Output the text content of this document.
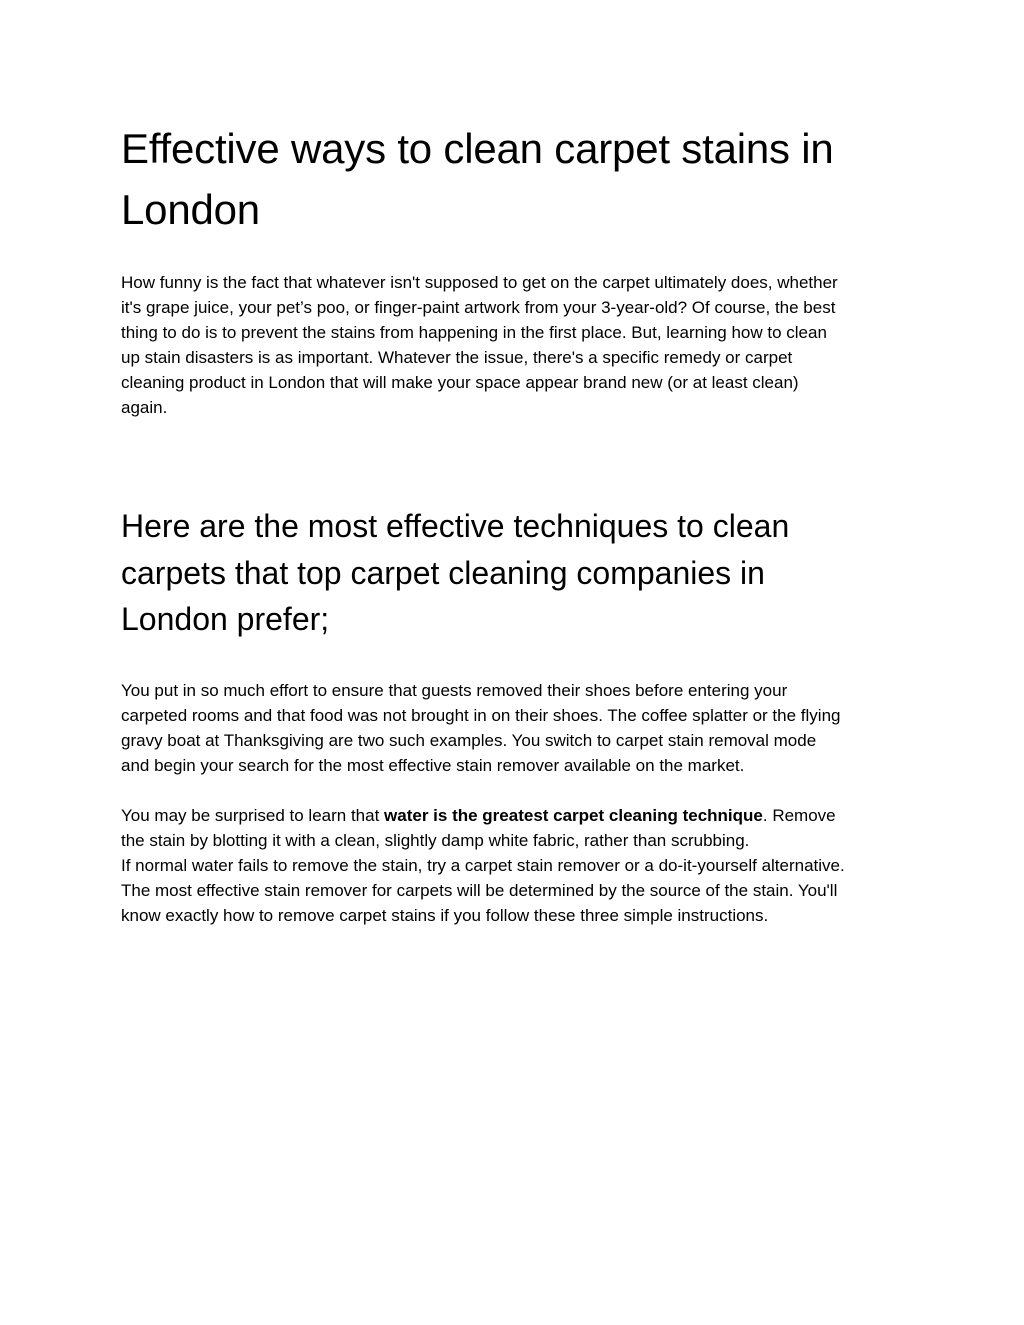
Effective ways to clean carpet stains in
London

How funny is the fact that whatever isn't supposed to get on the carpet ultimately does, whether
it's grape juice, your pet’s poo, or finger-paint artwork from your 3-year-old? Of course, the best
thing to do is to prevent the stains from happening in the first place. But, learning how to clean
up stain disasters is as important. Whatever the issue, there's a specific remedy or carpet
cleaning product in London that will make your space appear brand new (or at least clean)
again.

Here are the most effective techniques to clean
carpets that top carpet cleaning companies in
London prefer;

You put in so much effort to ensure that guests removed their shoes before entering your
carpeted rooms and that food was not brought in on their shoes. The coffee splatter or the flying
gravy boat at Thanksgiving are two such examples. You switch to carpet stain removal mode
and begin your search for the most effective stain remover available on the market.

You may be surprised to learn that water is the greatest carpet cleaning technique. Remove
the stain by blotting it with a clean, slightly damp white fabric, rather than scrubbing.
If normal water fails to remove the stain, try a carpet stain remover or a do-it-yourself alternative.
The most effective stain remover for carpets will be determined by the source of the stain. You'll
know exactly how to remove carpet stains if you follow these three simple instructions.
